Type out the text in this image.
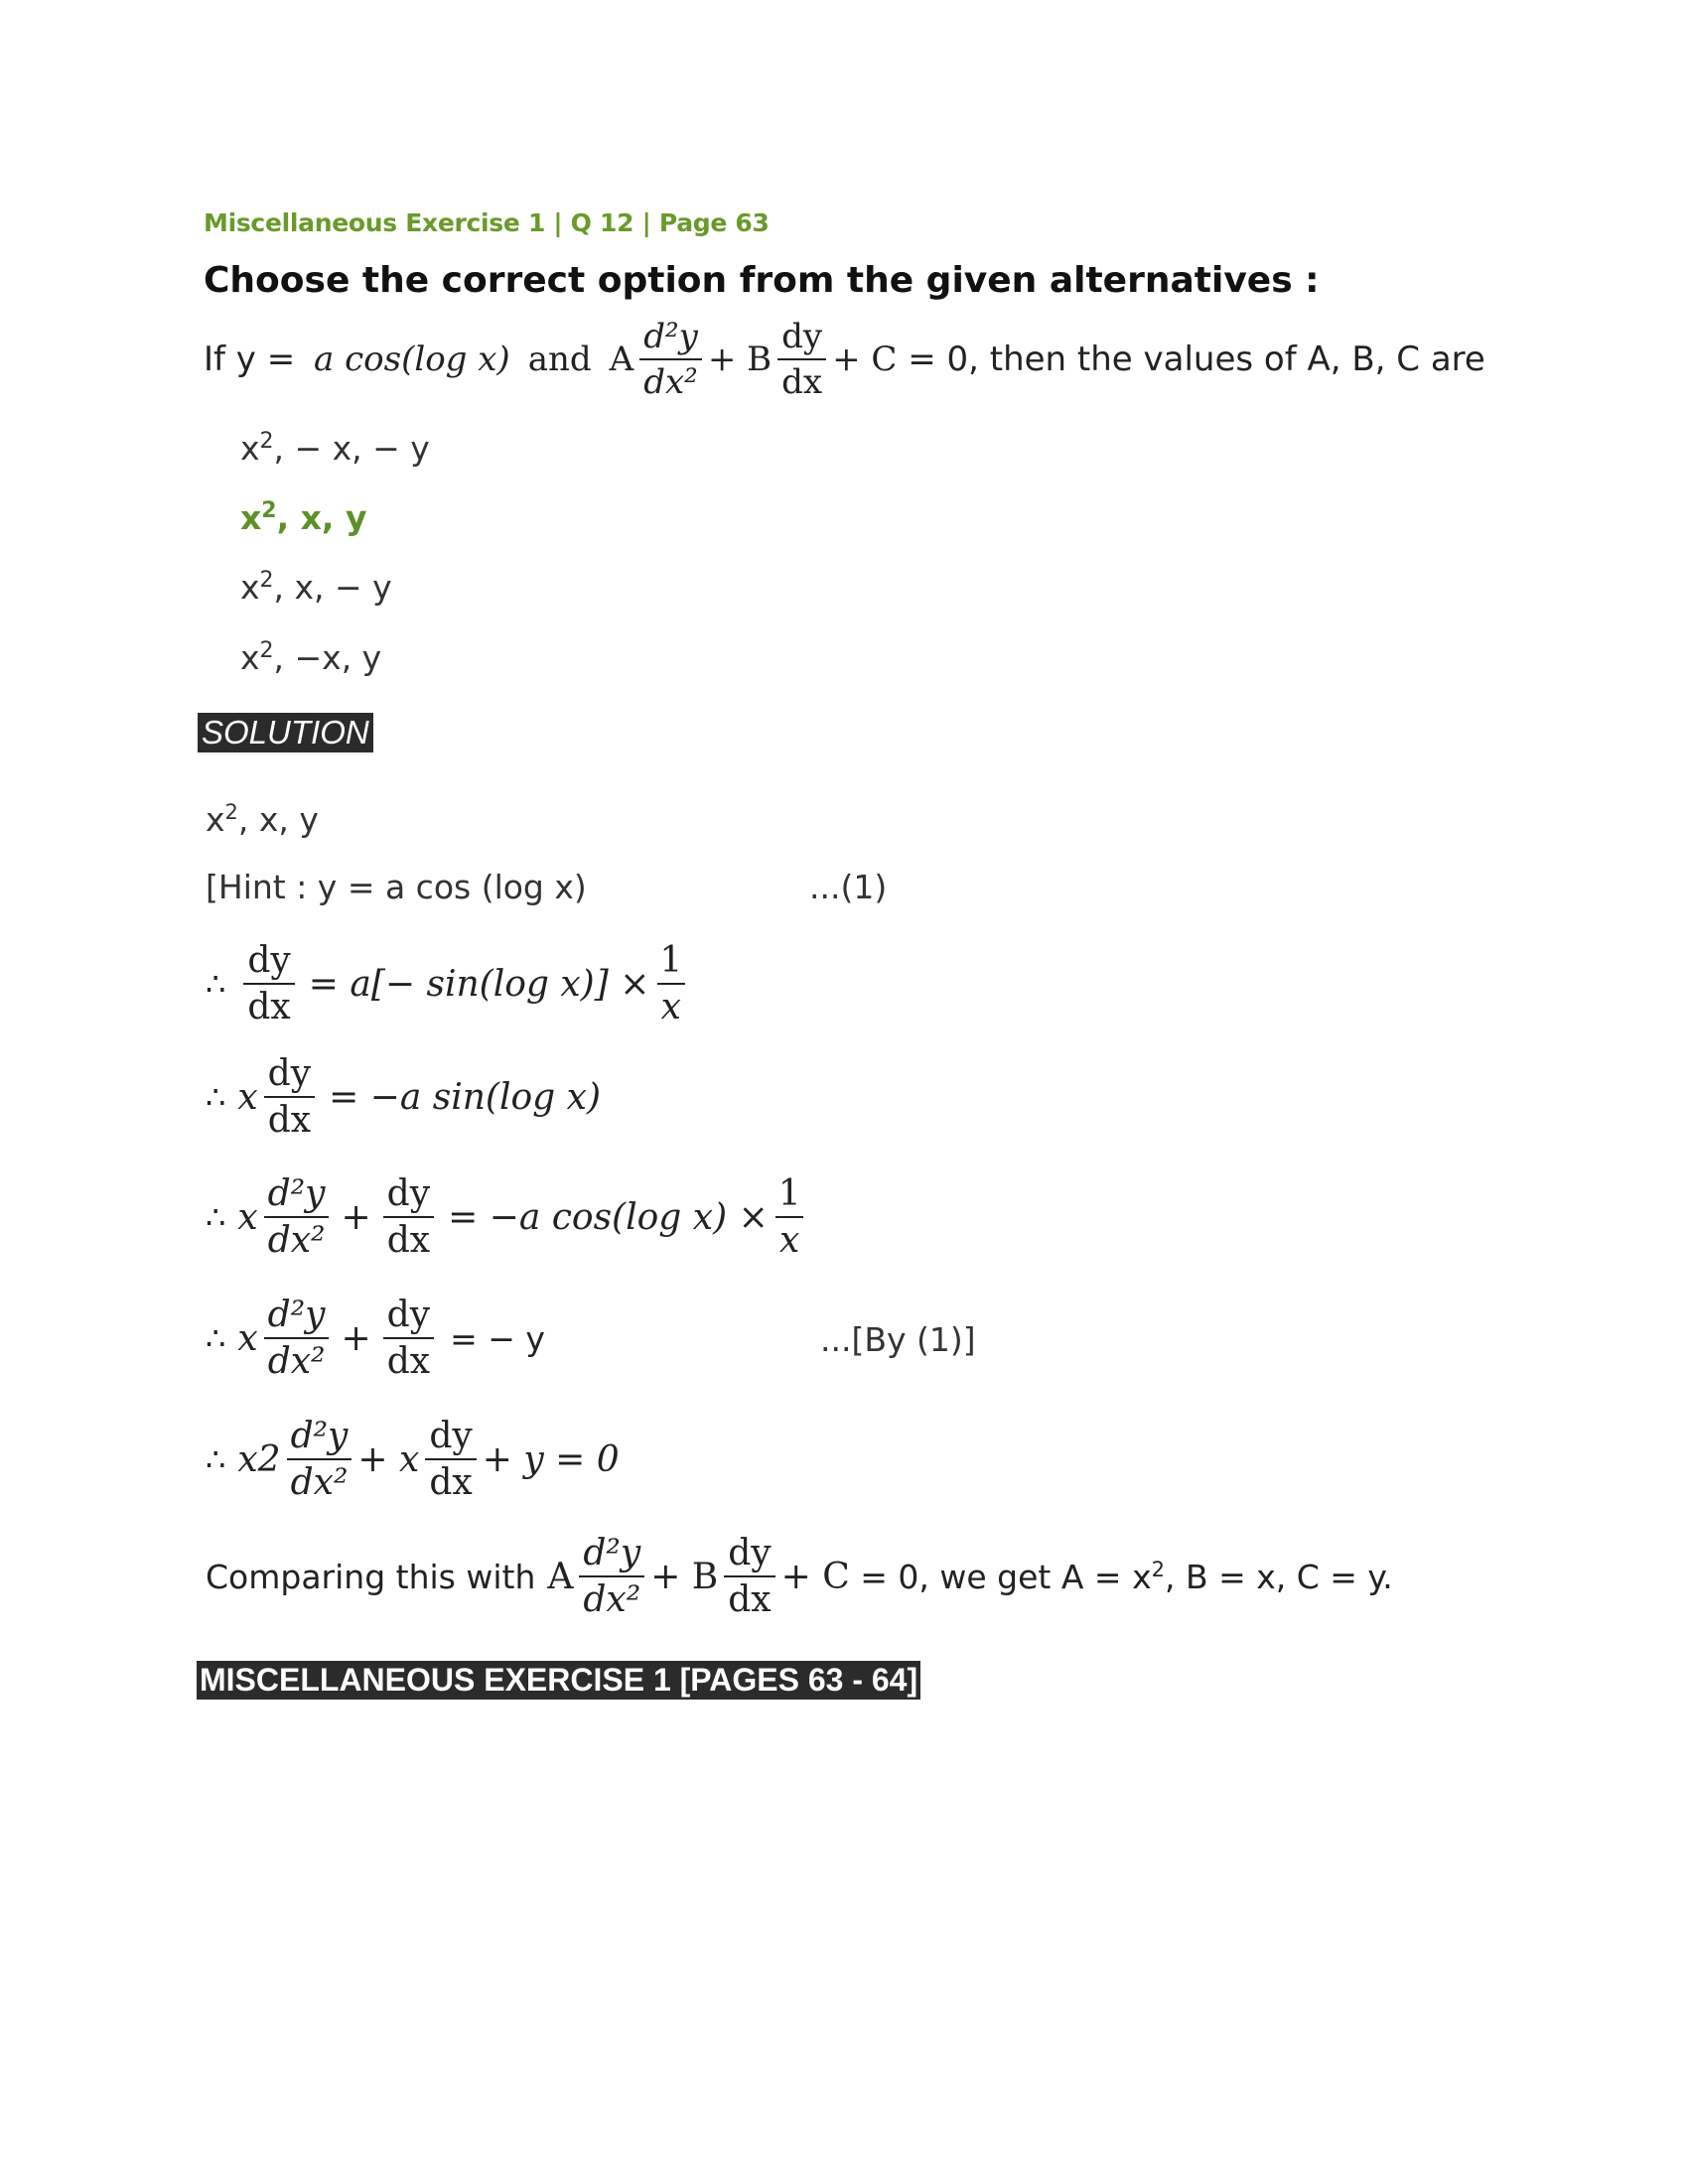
Miscellaneous Exercise 1 | Q 12 | Page 63
Choose the correct option from the given alternatives :
If y = a cos(log x) and A $\frac{\text{d²y}}{\text{dx²}} + B \frac{dy}{dx} + C = 0$, then the values of A, B, C are
$x^2$, − x, − y
$x^2$, x, y
$x^2$, x, − y
$x^2$, −x, y
SOLUTION
$x^2$, x, y
[Hint : y = a cos (log x)	...(1)
∴ $\frac{dy}{dx} = a[- \sin(\log$ $x)] \times \frac{1}{x}$
∴ x $\frac{dy}{dx} = -a$ sin(log x)
∴ x $\frac{\text{d²y}}{\text{dx²}} + \frac{dy}{dx} = -a$ cos(log $x) \times \frac{1}{x}$
∴ x $\frac{\text{d²y}}{\text{dx²}} + \frac{dy}{dx}$ = − y	...[By (1)]
∴ $x2 \frac{\text{d²y}}{\text{dx²}} + x \frac{dy}{dx} + y = 0$
Comparing this with A $\frac{\text{d²y}}{\text{dx²}} + B \frac{dy}{dx} + C = 0$, we get $A = x^2$, B = x, C = y.
MISCELLANEOUS EXERCISE 1 [PAGES 63 - 64]
